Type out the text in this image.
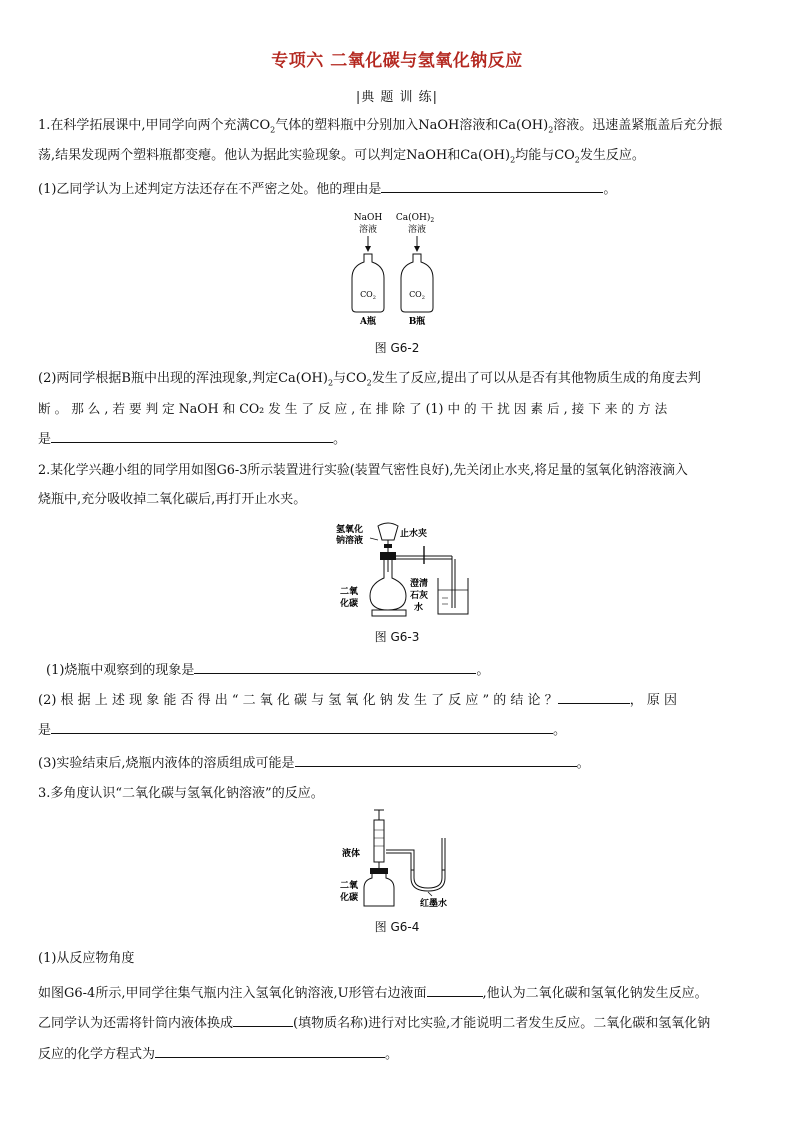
专项六 二氧化碳与氢氧化钠反应
|典 题 训 练|
1.在科学拓展课中,甲同学向两个充满$CO_2$气体的塑料瓶中分别加入NaOH溶液和$Ca(OH)_2$溶液。迅速盖紧瓶盖后充分振
荡,结果发现两个塑料瓶都变瘪。他认为据此实验现象。可以判定NaOH和$Ca(OH)_2$均能与$CO_2$发生反应。
(1)乙同学认为上述判定方法还存在不严密之处。他的理由是	。
NaOH
溶液
$Ca(OH)_2$
溶液
$CO_2$	$CO_2$
A瓶	B瓶
图 G6-2
(2)两同学根据B瓶中出现的浑浊现象,判定$Ca(OH)_2$与$CO_2$发生了反应,提出了可以从是否有其他物质生成的角度去判
断 。 那 么 , 若 要 判 定 NaOH 和 CO₂ 发 生 了 反 应 , 在 排 除 了 (1) 中 的 干 扰 因 素 后 , 接 下 来 的 方 法
是	。
2.某化学兴趣小组的同学用如图G6-3所示装置进行实验(装置气密性良好),先关闭止水夹,将足量的氢氧化钠溶液滴入
烧瓶中,充分吸收掉二氧化碳后,再打开止水夹。
氢氧化
钠溶液
止水夹
二氧
化碳
澄清
石灰
水
图 G6-3
(1)烧瓶中观察到的现象是	。
(2) 根 据 上 述 现 象 能 否 得 出 “ 二 氧 化 碳 与 氢 氧 化 钠 发 生 了 反 应 ” 的 结 论 ？	， 原 因
是	。
(3)实验结束后,烧瓶内液体的溶质组成可能是	。
3.多角度认识“二氧化碳与氢氧化钠溶液”的反应。
液体
二氧
化碳
红墨水
图 G6-4
(1)从反应物角度
如图G6-4所示,甲同学往集气瓶内注入氢氧化钠溶液,U形管右边液面	,他认为二氧化碳和氢氧化钠发生反应。
乙同学认为还需将针筒内液体换成	(填物质名称)进行对比实验,才能说明二者发生反应。二氧化碳和氢氧化钠
反应的化学方程式为	。
